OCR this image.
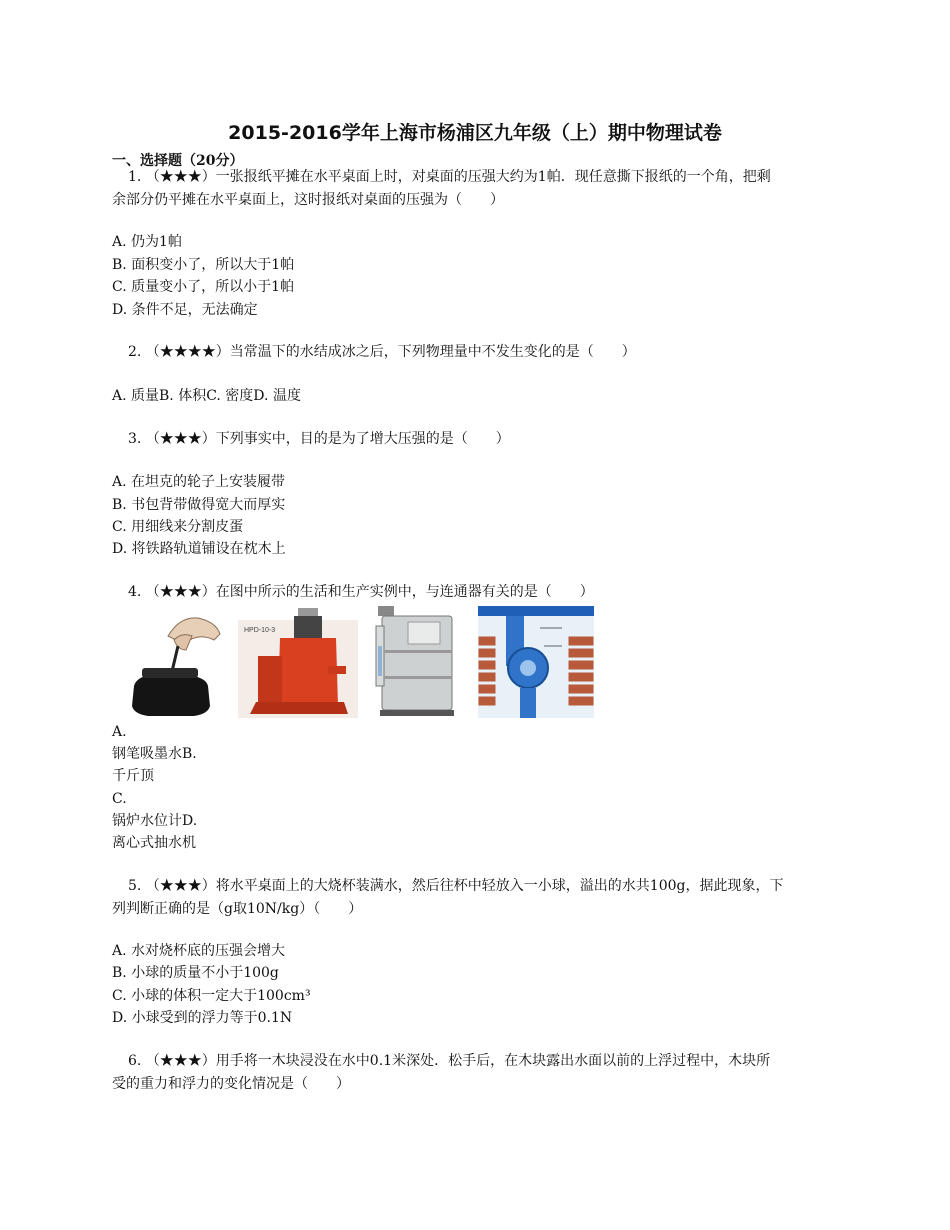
2015-2016学年上海市杨浦区九年级（上）期中物理试卷
一、选择题（20分）
1. （★★★）一张报纸平摊在水平桌面上时，对桌面的压强大约为1帕．现任意撕下报纸的一个角，把剩
余部分仍平摊在水平桌面上，这时报纸对桌面的压强为（　　）
A. 仍为1帕
B. 面积变小了，所以大于1帕
C. 质量变小了，所以小于1帕
D. 条件不足，无法确定
2. （★★★★）当常温下的水结成冰之后，下列物理量中不发生变化的是（　　）
A. 质量B. 体积C. 密度D. 温度
3. （★★★）下列事实中，目的是为了增大压强的是（　　）
A. 在坦克的轮子上安装履带
B. 书包背带做得宽大而厚实
C. 用细线来分割皮蛋
D. 将铁路轨道铺设在枕木上
4. （★★★）在图中所示的生活和生产实例中，与连通器有关的是（　　）
HPD-10-3
A.
钢笔吸墨水B.
千斤顶
C.
锅炉水位计D.
离心式抽水机
5. （★★★）将水平桌面上的大烧杯装满水，然后往杯中轻放入一小球，溢出的水共100g，据此现象，下
列判断正确的是（g取10N/kg）（　　）
A. 水对烧杯底的压强会增大
B. 小球的质量不小于100g
C. 小球的体积一定大于100cm³
D. 小球受到的浮力等于0.1N
6. （★★★）用手将一木块浸没在水中0.1米深处．松手后，在木块露出水面以前的上浮过程中，木块所
受的重力和浮力的变化情况是（　　）
